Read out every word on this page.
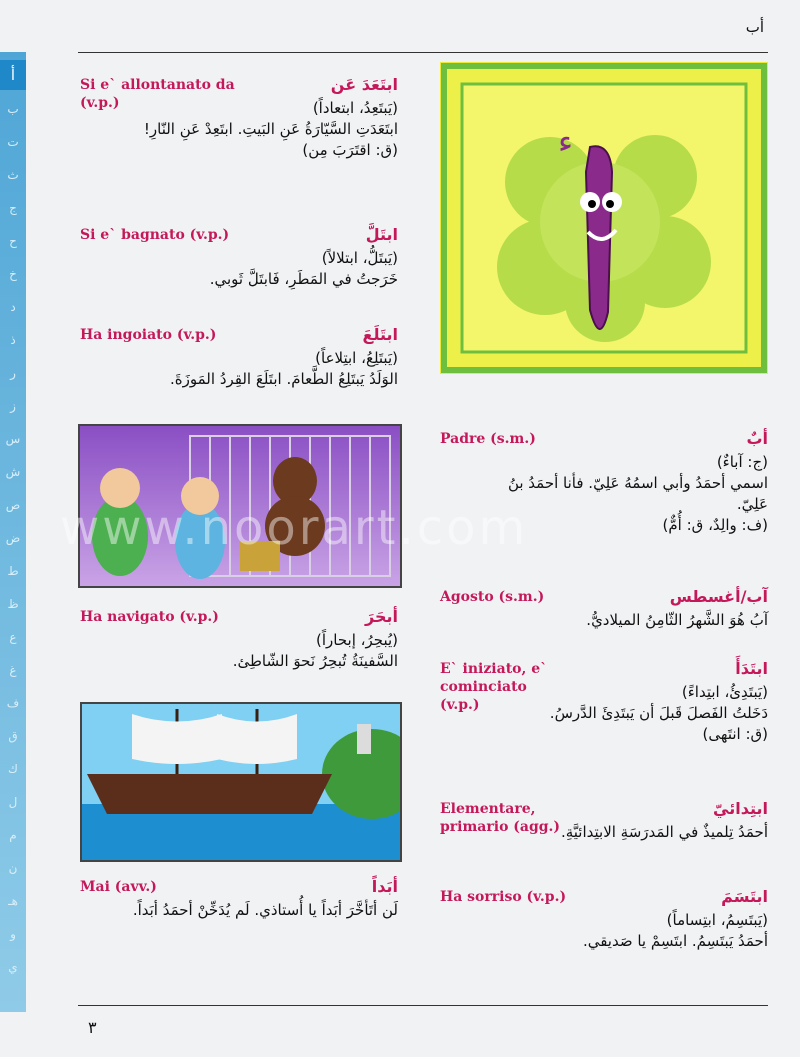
أب
٣
أ
ب
ت
ث
ج
ح
خ
د
ذ
ر
ز
س
ش
ص
ض
ط
ظ
ع
غ
ف
ق
ك
ل
م
ن
هـ
و
ي
ء
www.noorart.com
Si e` allontanato da (v.p.)
ابتَعَدَ عَن
(يَبتَعِدُ، ابتعاداً)
ابتَعَدَتِ السَّيّارَةُ عَنِ البَيتِ. ابتَعِدْ عَنِ النّارِ!
(ق: اقتَرَبَ مِن)
Si e` bagnato (v.p.)	ابتَلَّ
(يَبتَلُّ، ابتلالاً)
خَرَجتُ في المَطَرِ، فَابتَلَّ ثَوبي.
Ha ingoiato (v.p.)	ابتَلَعَ
(يَبتَلِعُ، ابتِلاعاً)
الوَلَدُ يَبتَلِعُ الطَّعامَ. ابتَلَعَ القِردُ المَوزَةَ.
Ha navigato (v.p.)	أبحَرَ
(يُبحِرُ، إبحاراً)
السَّفينَةُ تُبحِرُ نَحوَ الشّاطِئ.
Mai (avv.)	أبَداً
لَن أتَأخَّرَ أبَداً يا أُستاذي. لَم يُدَخِّنْ أحمَدُ أبَداً.
Padre (s.m.)	أبٌ
(ج: آباءٌ)
اسمي أحمَدُ وأبي اسمُهُ عَلِيّ. فأنا أحمَدُ بنُ
عَلِيّ.
(ف: والِدٌ، ق: أُمٌّ)
Agosto (s.m.)	آب/أغسطس
آبُ هُوَ الشَّهرُ الثّامِنُ الميلاديُّ.
E` iniziato, e` cominciato (v.p.)
ابتَدَأَ
(يَبتَدِئُ، ابتِداءً)
دَخَلتُ الفَصلَ قَبلَ أن يَبتَدِئَ الدَّرسُ.
(ق: انتَهى)
Elementare, primario (agg.)
ابتِدائيّ
أحمَدُ تِلميذٌ في المَدرَسَةِ الابتِدائيَّةِ.
Ha sorriso (v.p.)	ابتَسَمَ
(يَبتَسِمُ، ابتِساماً)
أحمَدُ يَبتَسِمُ. ابتَسِمْ يا صَديقي.
